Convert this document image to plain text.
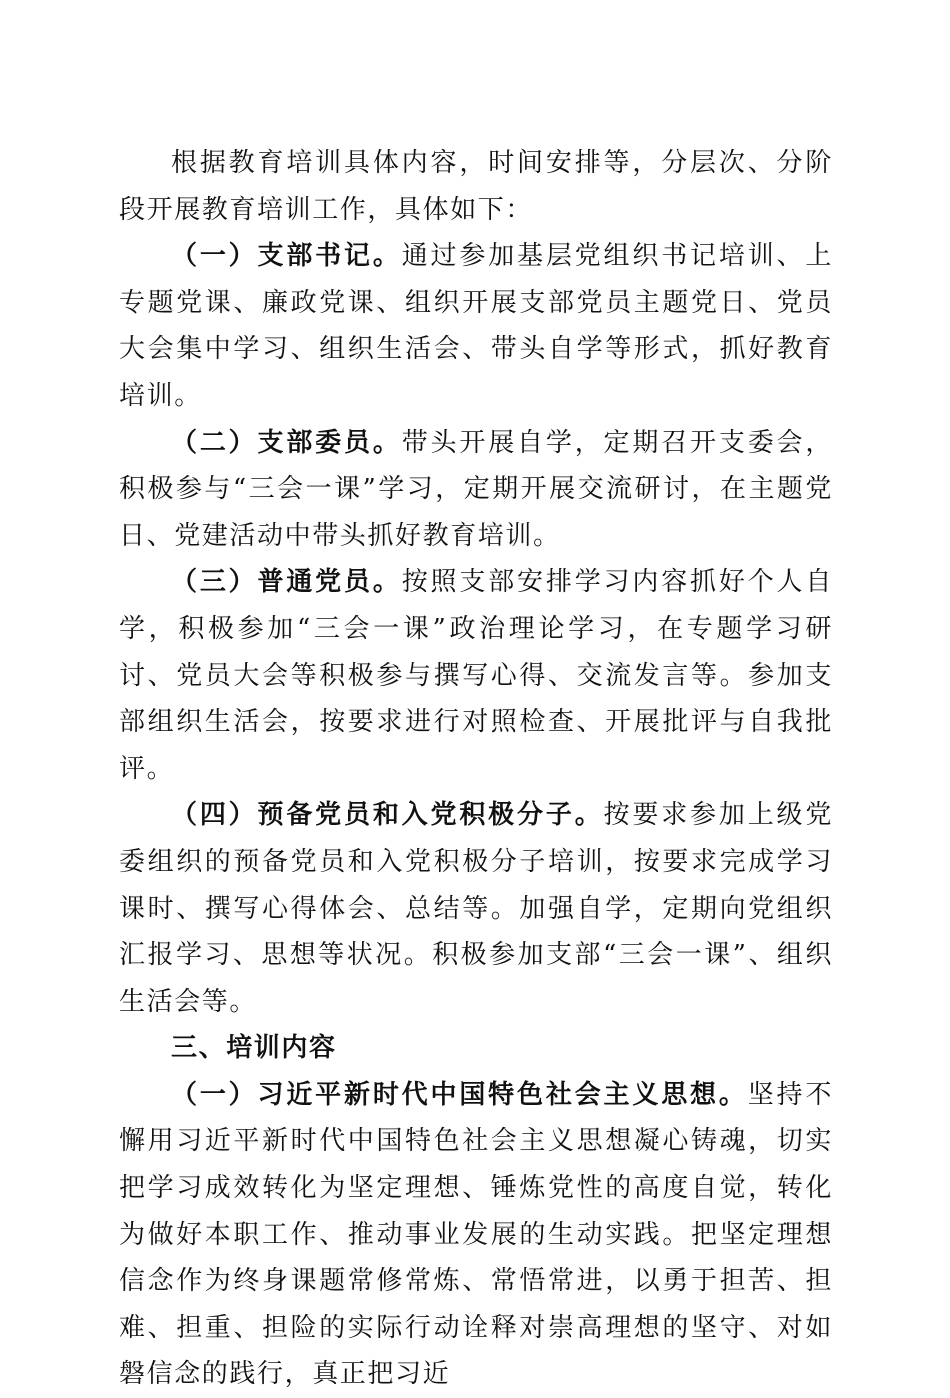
根据教育培训具体内容，时间安排等，分层次、分阶段开展教育培训工作，具体如下：

（一）支部书记。通过参加基层党组织书记培训、上专题党课、廉政党课、组织开展支部党员主题党日、党员大会集中学习、组织生活会、带头自学等形式，抓好教育培训。

（二）支部委员。带头开展自学，定期召开支委会，积极参与“三会一课”学习，定期开展交流研讨，在主题党日、党建活动中带头抓好教育培训。

（三）普通党员。按照支部安排学习内容抓好个人自学，积极参加“三会一课”政治理论学习，在专题学习研讨、党员大会等积极参与撰写心得、交流发言等。参加支部组织生活会，按要求进行对照检查、开展批评与自我批评。

（四）预备党员和入党积极分子。按要求参加上级党委组织的预备党员和入党积极分子培训，按要求完成学习课时、撰写心得体会、总结等。加强自学，定期向党组织汇报学习、思想等状况。积极参加支部“三会一课”、组织生活会等。

三、培训内容

（一）习近平新时代中国特色社会主义思想。坚持不懈用习近平新时代中国特色社会主义思想凝心铸魂，切实把学习成效转化为坚定理想、锤炼党性的高度自觉，转化为做好本职工作、推动事业发展的生动实践。把坚定理想信念作为终身课题常修常炼、常悟常进，以勇于担苦、担难、担重、担险的实际行动诠释对崇高理想的坚守、对如磐信念的践行，真正把习近
